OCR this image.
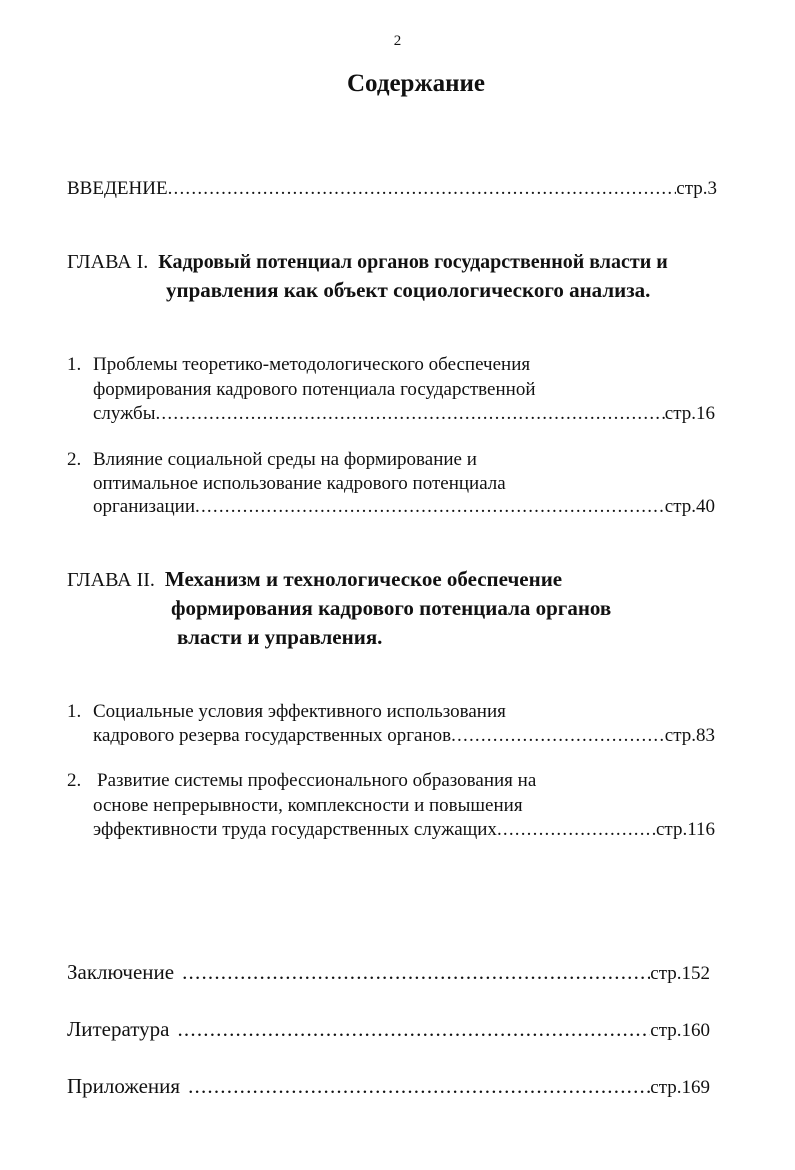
2
Содержание
ВВЕДЕНИЕ .....	стр.3
ГЛАВА I. Кадровый потенциал органов государственной власти и
управления как объект социологического анализа.
1. Проблемы теоретико-методологического обеспечения
формирования кадрового потенциала государственной
службы .....	стр.16
2. Влияние социальной среды на формирование и
оптимальное использование кадрового потенциала
организации .....	стр.40
ГЛАВА II. Механизм и технологическое обеспечение
формирования кадрового потенциала органов
власти и управления.
1. Социальные условия эффективного использования
кадрового резерва государственных органов .....	стр.83
2. Развитие системы профессионального образования на
основе непрерывности, комплексности и повышения
эффективности труда государственных служащих .....	стр.116
Заключение .....	стр.152
Литература .....	стр.160
Приложения .....	стр.169
